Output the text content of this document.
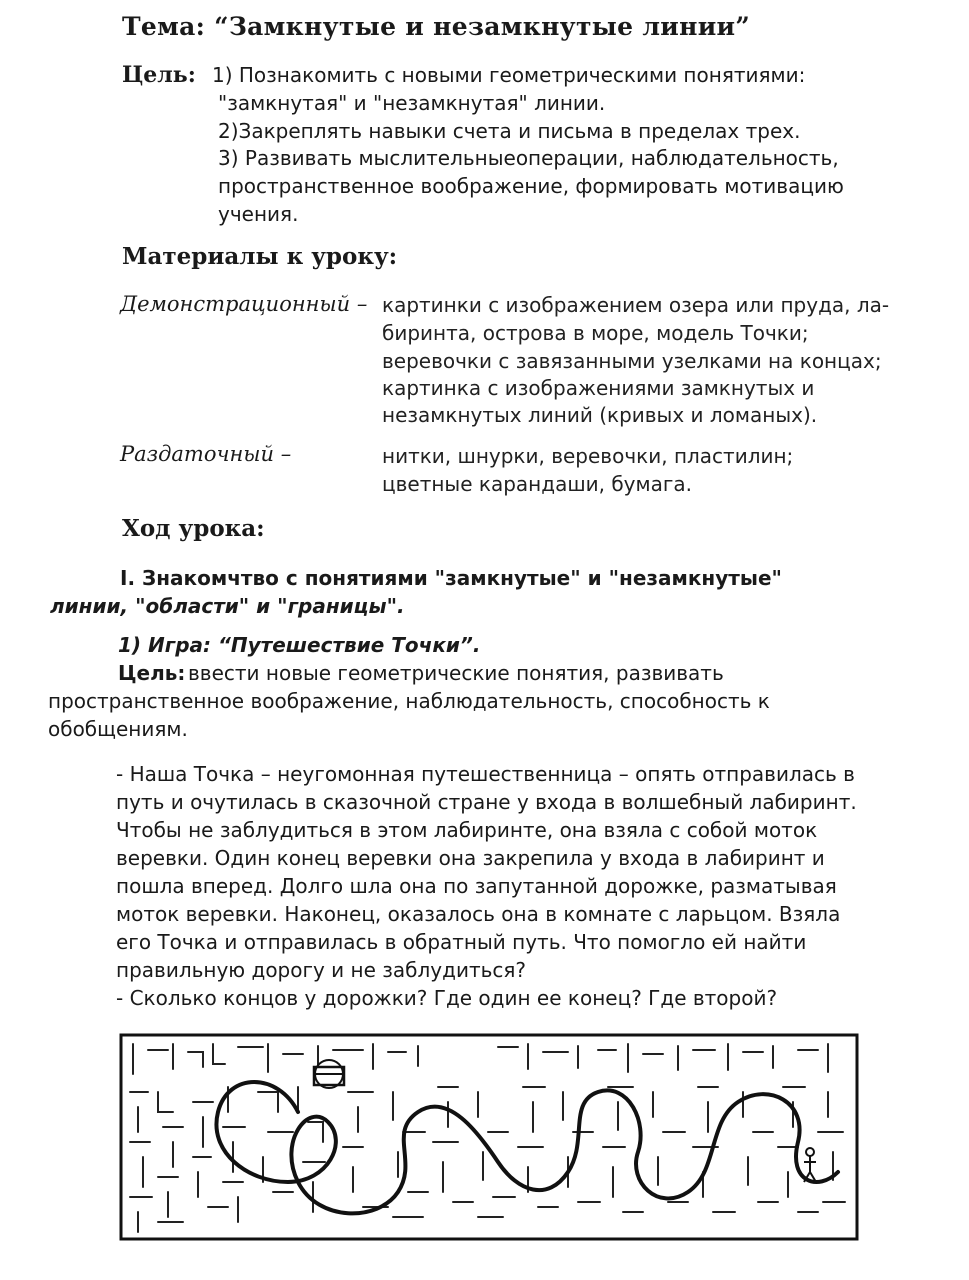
Тема: “Замкнутые и незамкнутые линии”
Цель: 1) Познакомить с новыми геометрическими понятиями:
"замкнутая" и "незамкнутая" линии.
2)Закреплять навыки счета и письма в пределах трех.
3) Развивать мыслительныеоперации, наблюдательность,
пространственное воображение, формировать мотивацию
учения.
Материалы к уроку:
Демонстрационный – картинки с изображением озера или пруда, ла-
биринта, острова в море, модель Точки;
веревочки с завязанными узелками на концах;
картинка с изображениями замкнутых и
незамкнутых линий (кривых и ломаных).
Раздаточный –	нитки, шнурки, веревочки, пластилин;
цветные карандаши, бумага.
Ход урока:
I. Знакомчтво с понятиями "замкнутые" и "незамкнутые"
линии, "области" и "границы".
1) Игра: “Путешествие Точки”.
Цель: ввести новые геометрические понятия, развивать
пространственное воображение, наблюдательность, способность к
обобщениям.
- Наша Точка – неугомонная путешественница – опять отправилась в
путь и очутилась в сказочной стране у входа в волшебный лабиринт.
Чтобы не заблудиться в этом лабиринте, она взяла с собой моток
веревки. Один конец веревки она закрепила у входа в лабиринт и
пошла вперед. Долго шла она по запутанной дорожке, разматывая
моток веревки. Наконец, оказалось она в комнате с ларьцом. Взяла
его Точка и отправилась в обратный путь. Что помогло ей найти
правильную дорогу и не заблудиться?
- Сколько концов у дорожки? Где один ее конец? Где второй?
